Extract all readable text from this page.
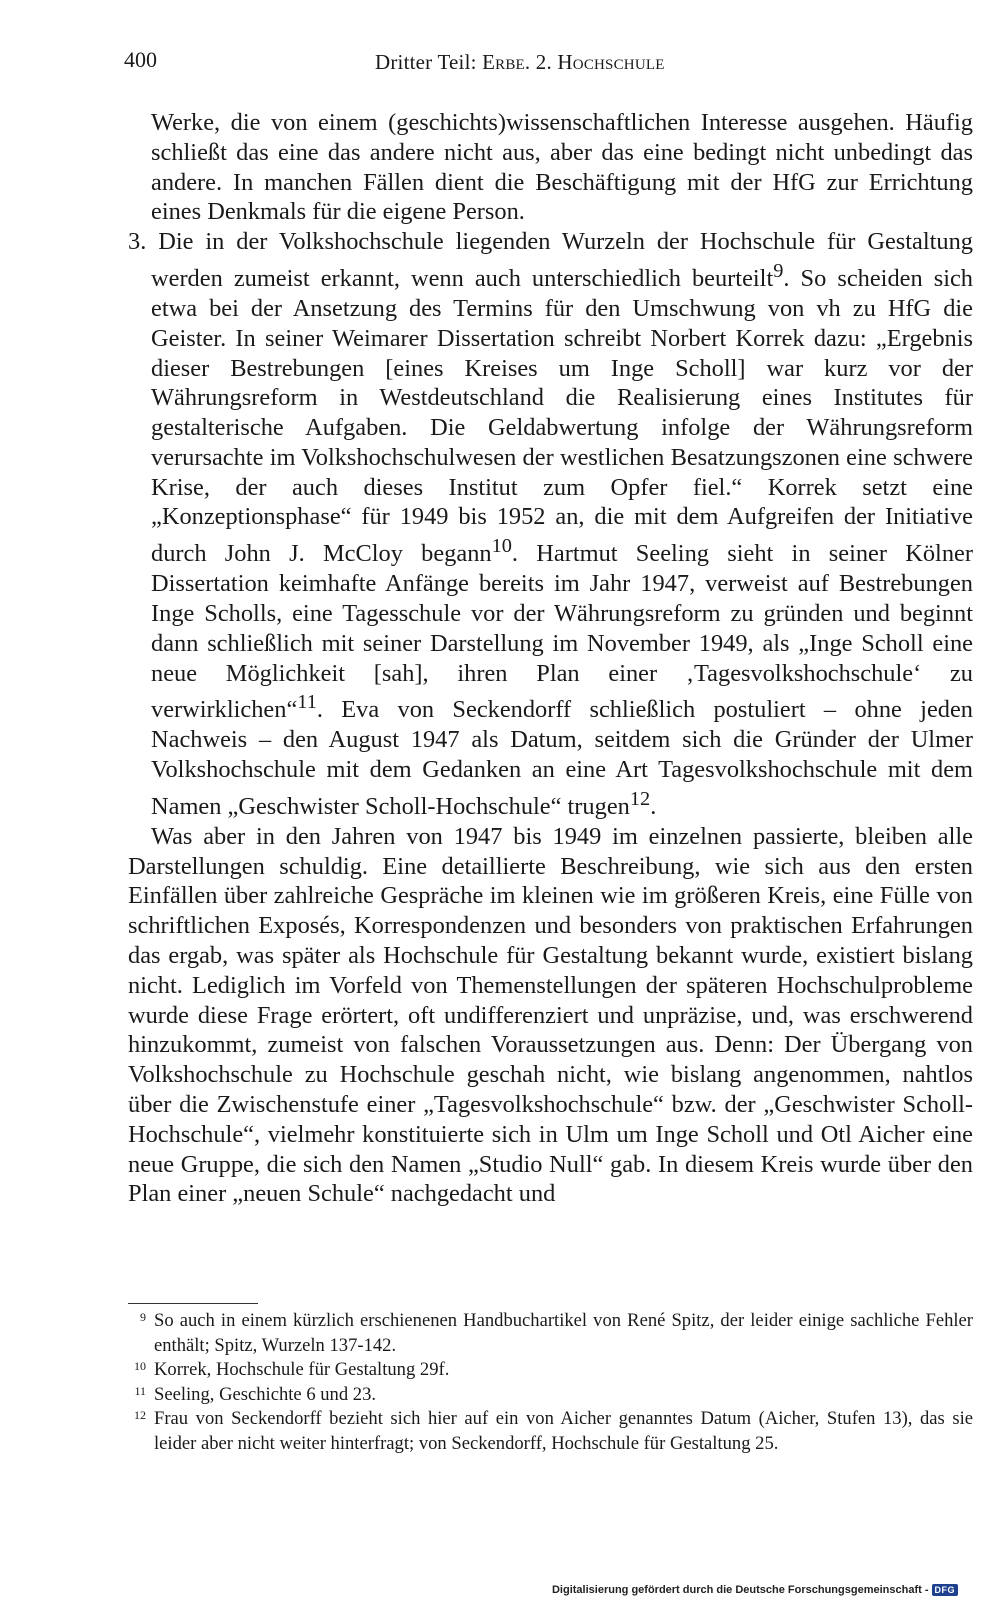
400	Dritter Teil: Erbe. 2. Hochschule

Werke, die von einem (geschichts)wissenschaftlichen Interesse ausgehen. Häufig schließt das eine das andere nicht aus, aber das eine bedingt nicht unbedingt das andere. In manchen Fällen dient die Beschäftigung mit der HfG zur Errichtung eines Denkmals für die eigene Person.

3. Die in der Volkshochschule liegenden Wurzeln der Hochschule für Gestaltung werden zumeist erkannt, wenn auch unterschiedlich beurteilt$^9$. So scheiden sich etwa bei der Ansetzung des Termins für den Umschwung von vh zu HfG die Geister. In seiner Weimarer Dissertation schreibt Norbert Korrek dazu: „Ergebnis dieser Bestrebungen [eines Kreises um Inge Scholl] war kurz vor der Währungsreform in Westdeutschland die Realisierung eines Institutes für gestalterische Aufgaben. Die Geldabwertung infolge der Währungsreform verursachte im Volkshochschulwesen der westlichen Besatzungszonen eine schwere Krise, der auch dieses Institut zum Opfer fiel.“ Korrek setzt eine „Konzeptionsphase“ für 1949 bis 1952 an, die mit dem Aufgreifen der Initiative durch John J. McCloy begann$^{10}$. Hartmut Seeling sieht in seiner Kölner Dissertation keimhafte Anfänge bereits im Jahr 1947, verweist auf Bestrebungen Inge Scholls, eine Tagesschule vor der Währungsreform zu gründen und beginnt dann schließlich mit seiner Darstellung im November 1949, als „Inge Scholl eine neue Möglichkeit [sah], ihren Plan einer ‚Tagesvolkshochschule‘ zu verwirklichen“$^{11}$. Eva von Seckendorff schließlich postuliert – ohne jeden Nachweis – den August 1947 als Datum, seitdem sich die Gründer der Ulmer Volkshochschule mit dem Gedanken an eine Art Tagesvolkshochschule mit dem Namen „Geschwister Scholl-Hochschule“ trugen$^{12}$.

Was aber in den Jahren von 1947 bis 1949 im einzelnen passierte, bleiben alle Darstellungen schuldig. Eine detaillierte Beschreibung, wie sich aus den ersten Einfällen über zahlreiche Gespräche im kleinen wie im größeren Kreis, eine Fülle von schriftlichen Exposés, Korrespondenzen und besonders von praktischen Erfahrungen das ergab, was später als Hochschule für Gestaltung bekannt wurde, existiert bislang nicht. Lediglich im Vorfeld von Themenstellungen der späteren Hochschulprobleme wurde diese Frage erörtert, oft undifferenziert und unpräzise, und, was erschwerend hinzukommt, zumeist von falschen Voraussetzungen aus. Denn: Der Übergang von Volkshochschule zu Hochschule geschah nicht, wie bislang angenommen, nahtlos über die Zwischenstufe einer „Tagesvolkshochschule“ bzw. der „Geschwister Scholl-Hochschule“, vielmehr konstituierte sich in Ulm um Inge Scholl und Otl Aicher eine neue Gruppe, die sich den Namen „Studio Null“ gab. In diesem Kreis wurde über den Plan einer „neuen Schule“ nachgedacht und

9 So auch in einem kürzlich erschienenen Handbuchartikel von René Spitz, der leider einige sachliche Fehler enthält; Spitz, Wurzeln 137-142.

10 Korrek, Hochschule für Gestaltung 29f.

11 Seeling, Geschichte 6 und 23.

12 Frau von Seckendorff bezieht sich hier auf ein von Aicher genanntes Datum (Aicher, Stufen 13), das sie leider aber nicht weiter hinterfragt; von Seckendorff, Hochschule für Gestaltung 25.

Digitalisierung gefördert durch die Deutsche Forschungsgemeinschaft - DFG
